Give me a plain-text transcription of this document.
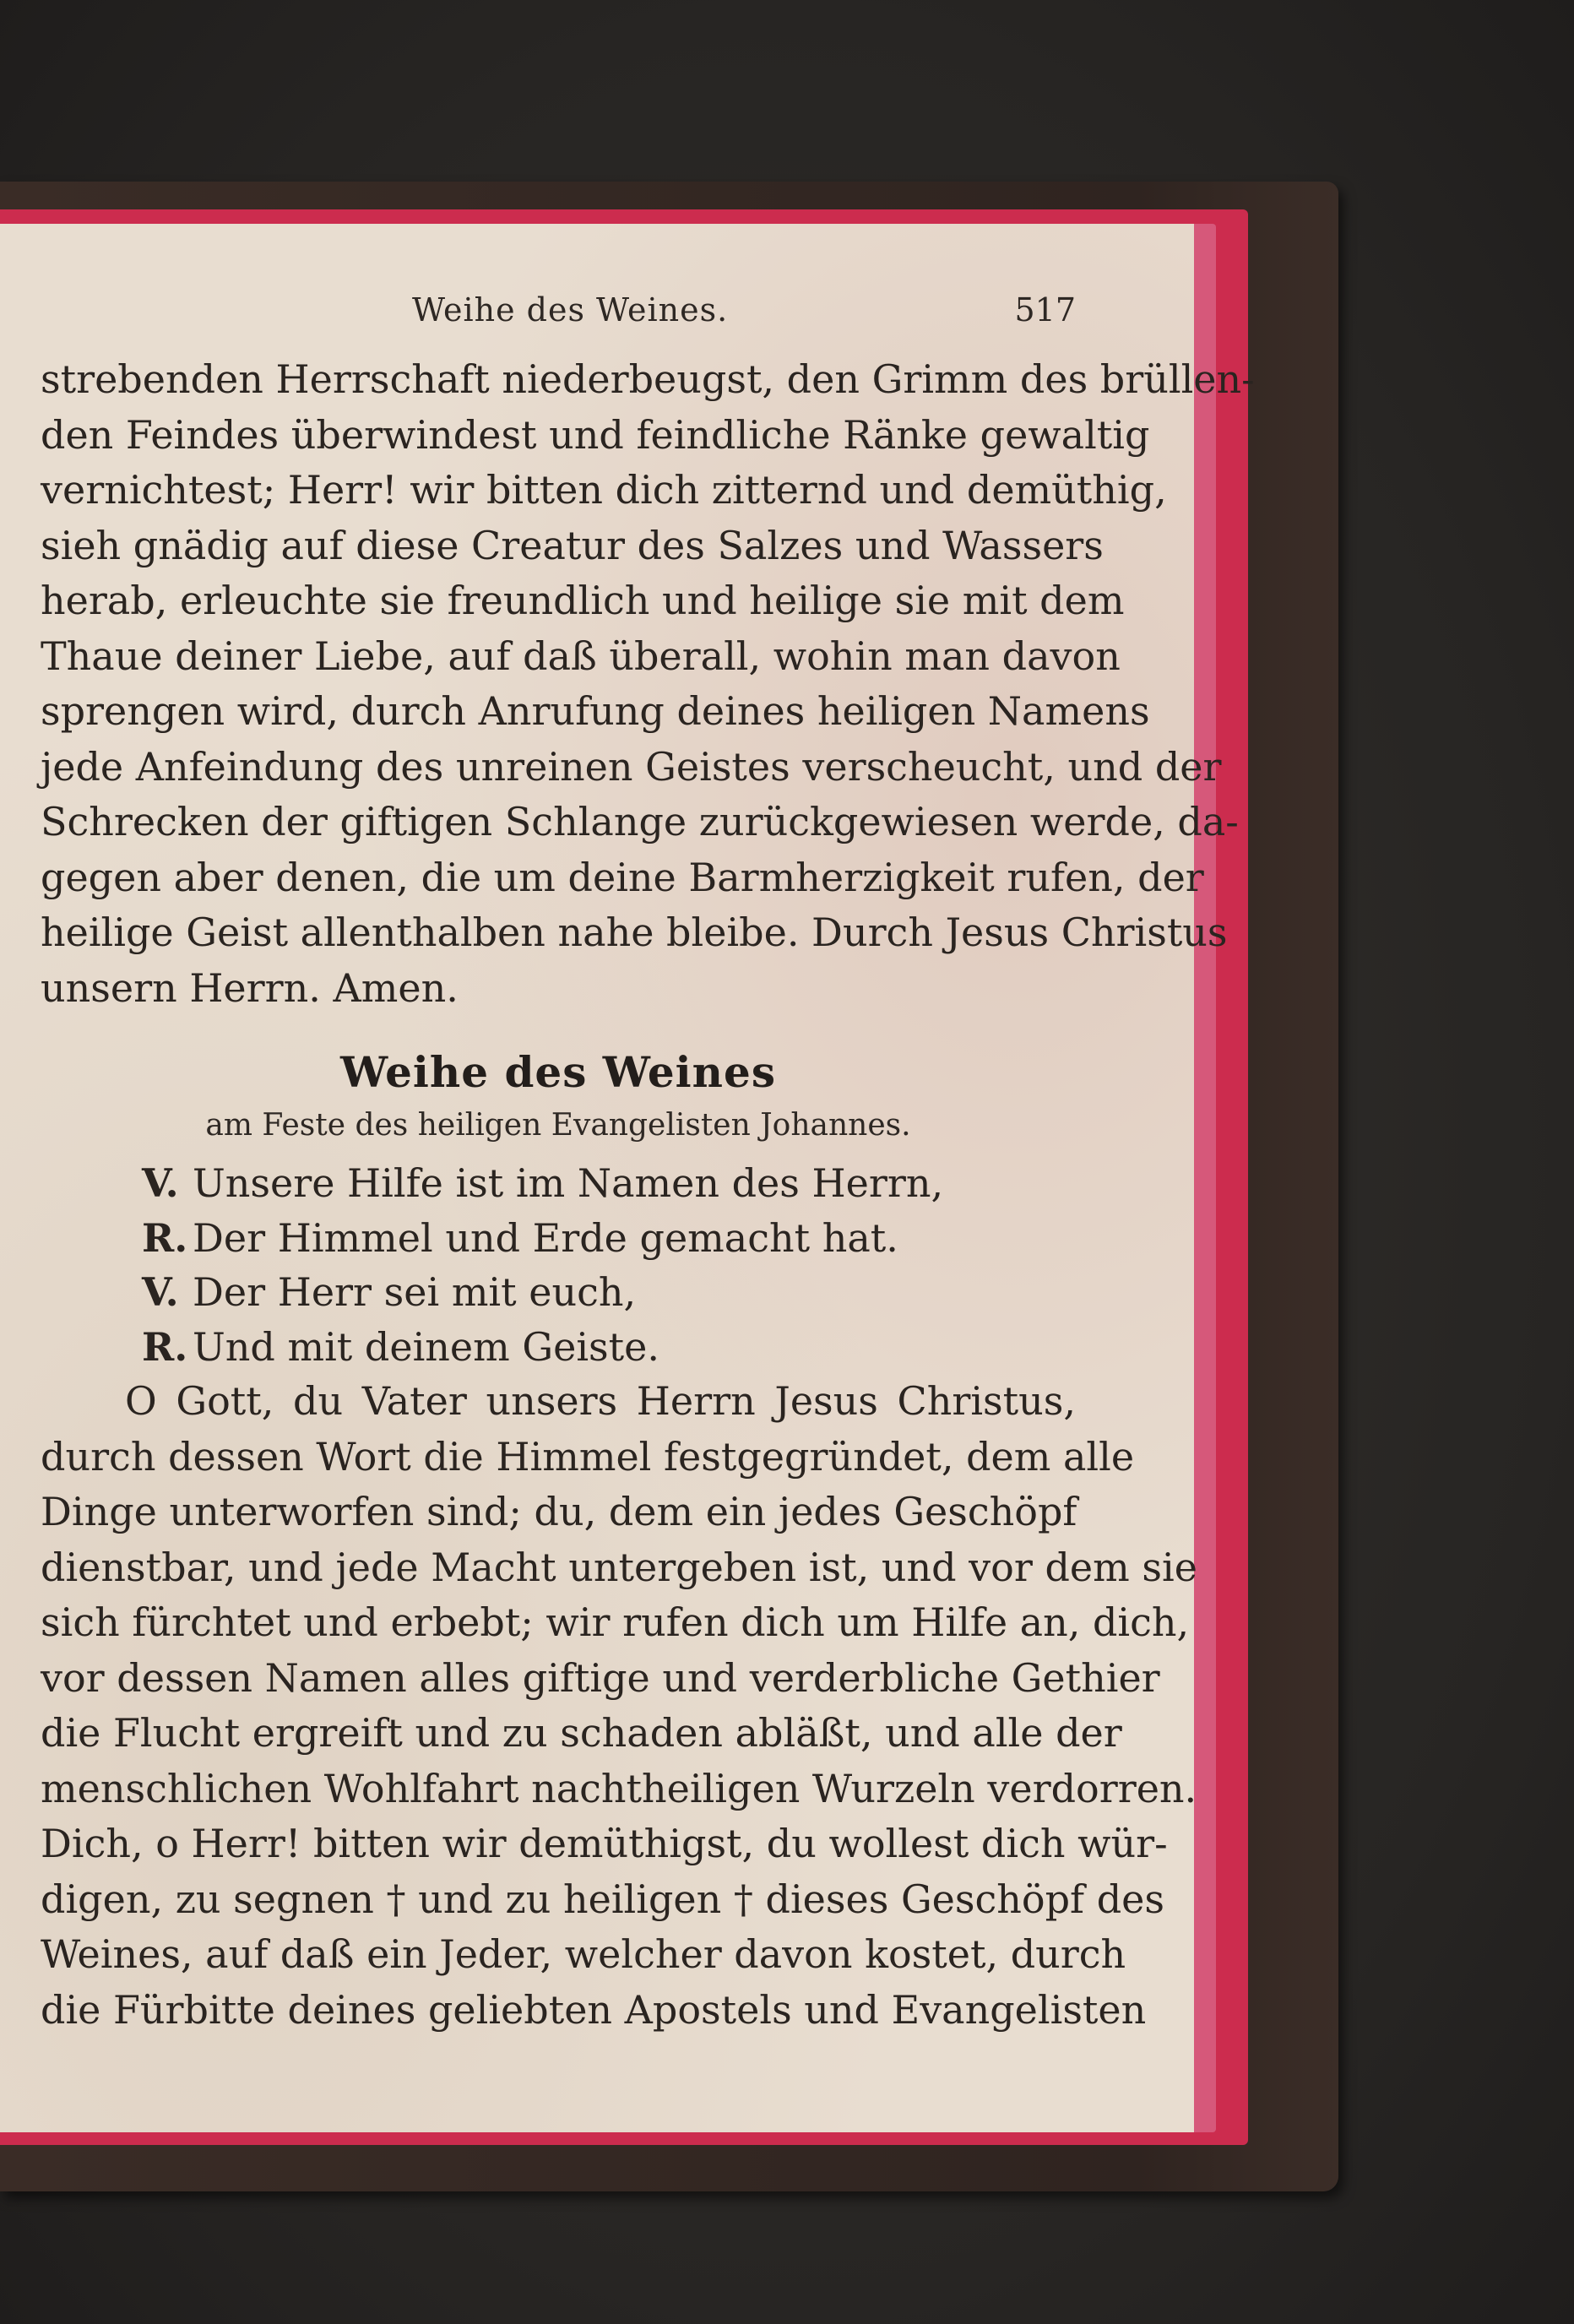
Weihe des Weines.	517
strebenden Herrschaft niederbeugst, den Grimm des brüllen-
den Feindes überwindest und feindliche Ränke gewaltig
vernichtest; Herr! wir bitten dich zitternd und demüthig,
sieh gnädig auf diese Creatur des Salzes und Wassers
herab, erleuchte sie freundlich und heilige sie mit dem
Thaue deiner Liebe, auf daß überall, wohin man davon
sprengen wird, durch Anrufung deines heiligen Namens
jede Anfeindung des unreinen Geistes verscheucht, und der
Schrecken der giftigen Schlange zurückgewiesen werde, da-
gegen aber denen, die um deine Barmherzigkeit rufen, der
heilige Geist allenthalben nahe bleibe. Durch Jesus Christus
unsern Herrn. Amen.
Weihe des Weines
am Feste des heiligen Evangelisten Johannes.
V. Unsere Hilfe ist im Namen des Herrn,
R. Der Himmel und Erde gemacht hat.
V. Der Herr sei mit euch,
R. Und mit deinem Geiste.
O Gott, du Vater unsers Herrn Jesus Christus,
durch dessen Wort die Himmel festgegründet, dem alle
Dinge unterworfen sind; du, dem ein jedes Geschöpf
dienstbar, und jede Macht untergeben ist, und vor dem sie
sich fürchtet und erbebt; wir rufen dich um Hilfe an, dich,
vor dessen Namen alles giftige und verderbliche Gethier
die Flucht ergreift und zu schaden abläßt, und alle der
menschlichen Wohlfahrt nachtheiligen Wurzeln verdorren.
Dich, o Herr! bitten wir demüthigst, du wollest dich wür-
digen, zu segnen † und zu heiligen † dieses Geschöpf des
Weines, auf daß ein Jeder, welcher davon kostet, durch
die Fürbitte deines geliebten Apostels und Evangelisten
